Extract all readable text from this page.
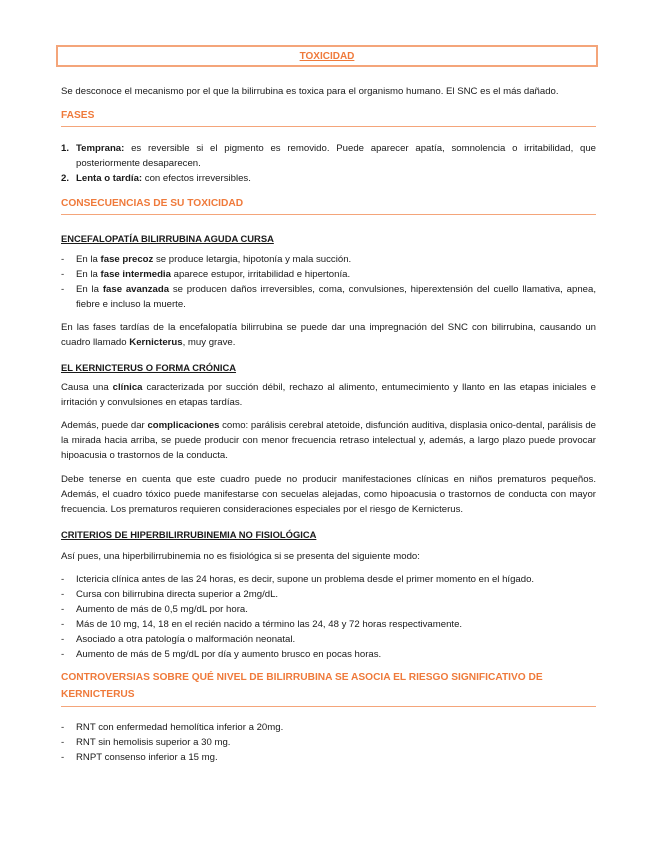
TOXICIDAD

Se desconoce el mecanismo por el que la bilirrubina es toxica para el organismo humano. El SNC es el más dañado.

FASES
1. Temprana: es reversible si el pigmento es removido. Puede aparecer apatía, somnolencia o irritabilidad, que posteriormente desaparecen.
2. Lenta o tardía: con efectos irreversibles.
CONSECUENCIAS DE SU TOXICIDAD
ENCEFALOPATÍA BILIRRUBINA AGUDA CURSA
- En la fase precoz se produce letargia, hipotonía y mala succión.
- En la fase intermedia aparece estupor, irritabilidad e hipertonía.
- En la fase avanzada se producen daños irreversibles, coma, convulsiones, hiperextensión del cuello llamativa, apnea, fiebre e incluso la muerte.

En las fases tardías de la encefalopatía bilirrubina se puede dar una impregnación del SNC con bilirrubina, causando un cuadro llamado Kernicterus, muy grave.

EL KERNICTERUS O FORMA CRÓNICA

Causa una clínica caracterizada por succión débil, rechazo al alimento, entumecimiento y llanto en las etapas iniciales e irritación y convulsiones en etapas tardías.

Además, puede dar complicaciones como: parálisis cerebral atetoide, disfunción auditiva, displasia onico-dental, parálisis de la mirada hacia arriba, se puede producir con menor frecuencia retraso intelectual y, además, a largo plazo puede provocar hipoacusia o trastornos de la conducta.

Debe tenerse en cuenta que este cuadro puede no producir manifestaciones clínicas en niños prematuros pequeños. Además, el cuadro tóxico puede manifestarse con secuelas alejadas, como hipoacusia o trastornos de conducta con mayor frecuencia. Los prematuros requieren consideraciones especiales por el riesgo de Kernicterus.

CRITERIOS DE HIPERBILIRRUBINEMIA NO FISIOLÓGICA

Así pues, una hiperbilirrubinemia no es fisiológica si se presenta del siguiente modo:

- Ictericia clínica antes de las 24 horas, es decir, supone un problema desde el primer momento en el hígado.
- Cursa con bilirrubina directa superior a 2mg/dL.
- Aumento de más de 0,5 mg/dL por hora.
- Más de 10 mg, 14, 18 en el recién nacido a término las 24, 48 y 72 horas respectivamente.
- Asociado a otra patología o malformación neonatal.
- Aumento de más de 5 mg/dL por día y aumento brusco en pocas horas.
CONTROVERSIAS SOBRE QUÉ NIVEL DE BILIRRUBINA SE ASOCIA EL RIESGO SIGNIFICATIVO DE KERNICTERUS
- RNT con enfermedad hemolítica inferior a 20mg.
- RNT sin hemolisis superior a 30 mg.
- RNPT consenso inferior a 15 mg.
